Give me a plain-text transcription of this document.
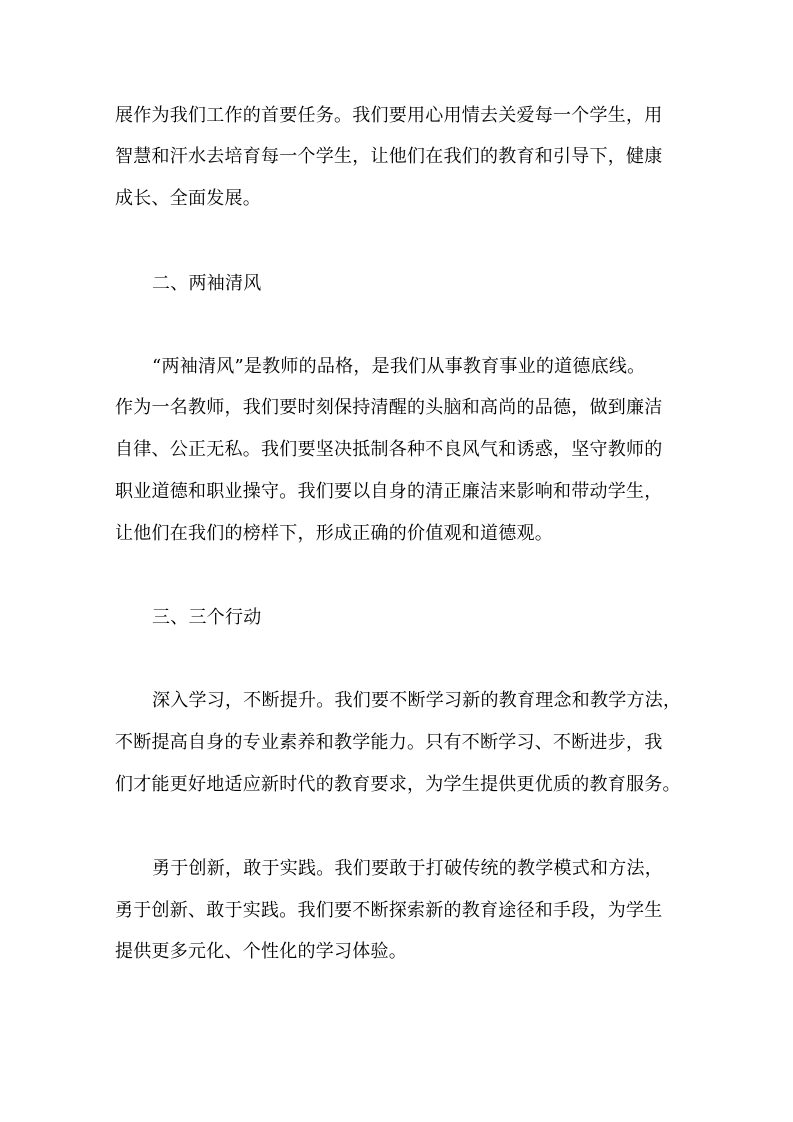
展作为我们工作的首要任务。我们要用心用情去关爱每一个学生，用

智慧和汗水去培育每一个学生，让他们在我们的教育和引导下，健康

成长、全面发展。

二、两袖清风

“两袖清风”是教师的品格，是我们从事教育事业的道德底线。

作为一名教师，我们要时刻保持清醒的头脑和高尚的品德，做到廉洁

自律、公正无私。我们要坚决抵制各种不良风气和诱惑，坚守教师的

职业道德和职业操守。我们要以自身的清正廉洁来影响和带动学生，

让他们在我们的榜样下，形成正确的价值观和道德观。

三、三个行动

深入学习，不断提升。我们要不断学习新的教育理念和教学方法，

不断提高自身的专业素养和教学能力。只有不断学习、不断进步，我

们才能更好地适应新时代的教育要求，为学生提供更优质的教育服务。

勇于创新，敢于实践。我们要敢于打破传统的教学模式和方法，

勇于创新、敢于实践。我们要不断探索新的教育途径和手段，为学生

提供更多元化、个性化的学习体验。
